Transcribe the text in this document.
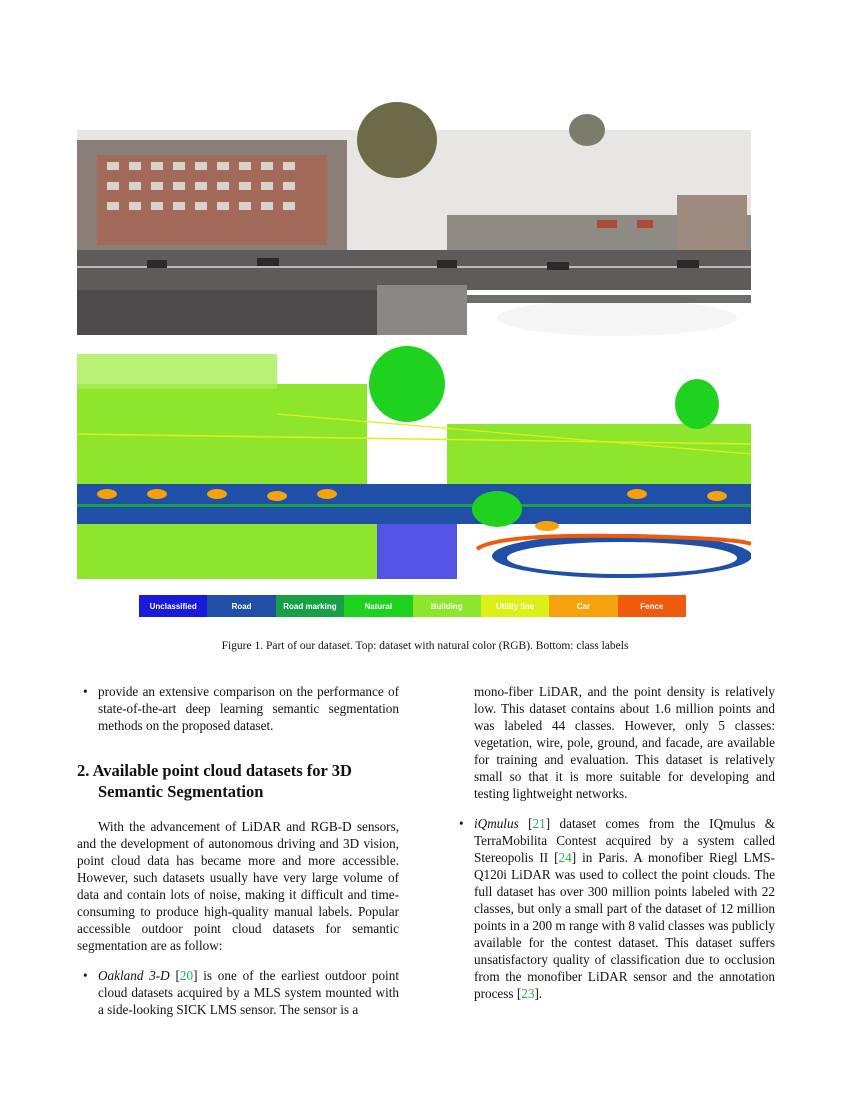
Unclassified	Road	Road marking	Natural	Building	Utility line	Car	Fence
Figure 1. Part of our dataset. Top: dataset with natural color (RGB). Bottom: class labels
• provide an extensive comparison on the performance of state-of-the-art deep learning semantic segmentation methods on the proposed dataset.
2. Available point cloud datasets for 3D Semantic Segmentation

With the advancement of LiDAR and RGB-D sensors, and the development of autonomous driving and 3D vision, point cloud data has became more and more accessible. However, such datasets usually have very large volume of data and contain lots of noise, making it difficult and time-consuming to produce high-quality manual labels. Popular accessible outdoor point cloud datasets for semantic segmentation are as follow:

• Oakland 3-D [20] is one of the earliest outdoor point cloud datasets acquired by a MLS system mounted with a side-looking SICK LMS sensor. The sensor is a

mono-fiber LiDAR, and the point density is relatively low. This dataset contains about 1.6 million points and was labeled 44 classes. However, only 5 classes: vegetation, wire, pole, ground, and facade, are available for training and evaluation. This dataset is relatively small so that it is more suitable for developing and testing lightweight networks.

• iQmulus [21] dataset comes from the IQmulus & TerraMobilita Contest acquired by a system called Stereopolis II [24] in Paris. A monofiber Riegl LMS-Q120i LiDAR was used to collect the point clouds. The full dataset has over 300 million points labeled with 22 classes, but only a small part of the dataset of 12 million points in a 200 m range with 8 valid classes was publicly available for the contest dataset. This dataset suffers unsatisfactory quality of classification due to occlusion from the monofiber LiDAR sensor and the annotation process [23].
